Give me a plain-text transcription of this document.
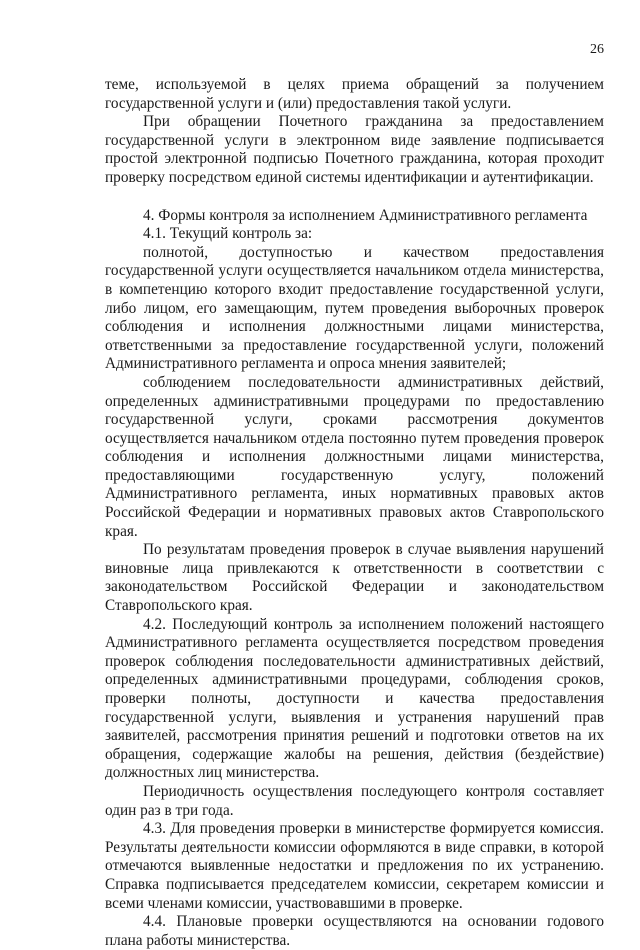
26

теме, используемой в целях приема обращений за получением государственной услуги и (или) предоставления такой услуги.

При обращении Почетного гражданина за предоставлением государственной услуги в электронном виде заявление подписывается простой электронной подписью Почетного гражданина, которая проходит проверку посредством единой системы идентификации и аутентификации.

4. Формы контроля за исполнением Административного регламента

4.1. Текущий контроль за:

полнотой, доступностью и качеством предоставления государственной услуги осуществляется начальником отдела министерства, в компетенцию которого входит предоставление государственной услуги, либо лицом, его замещающим, путем проведения выборочных проверок соблюдения и исполнения должностными лицами министерства, ответственными за предоставление государственной услуги, положений Административного регламента и опроса мнения заявителей;

соблюдением последовательности административных действий, определенных административными процедурами по предоставлению государственной услуги, сроками рассмотрения документов осуществляется начальником отдела постоянно путем проведения проверок соблюдения и исполнения должностными лицами министерства, предоставляющими государственную услугу, положений Административного регламента, иных нормативных правовых актов Российской Федерации и нормативных правовых актов Ставропольского края.

По результатам проведения проверок в случае выявления нарушений виновные лица привлекаются к ответственности в соответствии с законодательством Российской Федерации и законодательством Ставропольского края.

4.2. Последующий контроль за исполнением положений настоящего Административного регламента осуществляется посредством проведения проверок соблюдения последовательности административных действий, определенных административными процедурами, соблюдения сроков, проверки полноты, доступности и качества предоставления государственной услуги, выявления и устранения нарушений прав заявителей, рассмотрения принятия решений и подготовки ответов на их обращения, содержащие жалобы на решения, действия (бездействие) должностных лиц министерства.

Периодичность осуществления последующего контроля составляет один раз в три года.

4.3. Для проведения проверки в министерстве формируется комиссия. Результаты деятельности комиссии оформляются в виде справки, в которой отмечаются выявленные недостатки и предложения по их устранению. Справка подписывается председателем комиссии, секретарем комиссии и всеми членами комиссии, участвовавшими в проверке.

4.4. Плановые проверки осуществляются на основании годового плана работы министерства.
